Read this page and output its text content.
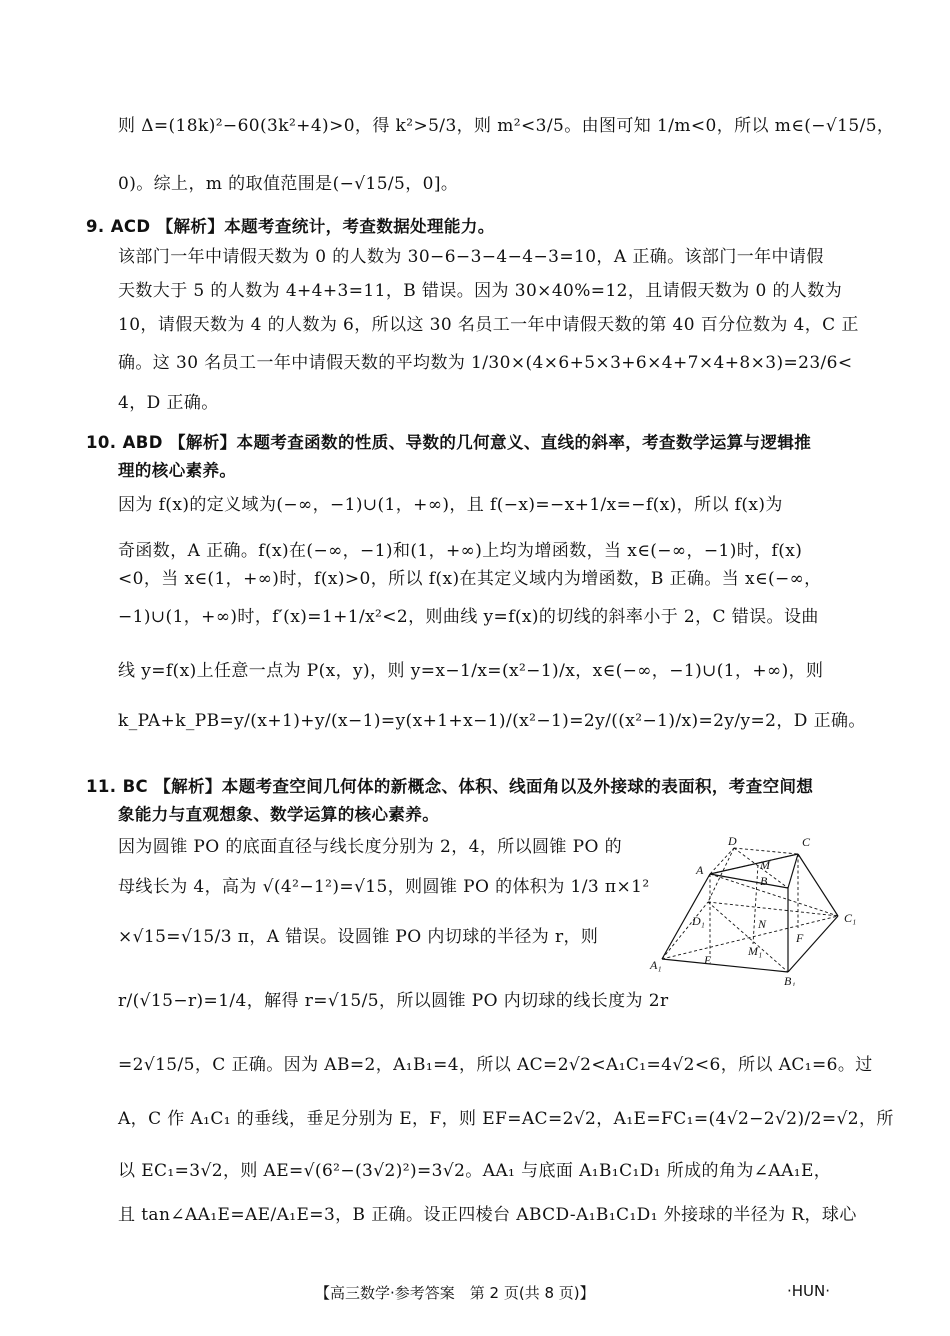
则 Δ=(18k)²−60(3k²+4)>0，得 k²>5/3，则 m²<3/5。由图可知 1/m<0，所以 m∈(−√15/5，
0)。综上，m 的取值范围是(−√15/5，0]。
9. ACD 【解析】本题考查统计，考查数据处理能力。
该部门一年中请假天数为 0 的人数为 30−6−3−4−4−3=10，A 正确。该部门一年中请假
天数大于 5 的人数为 4+4+3=11，B 错误。因为 30×40%=12，且请假天数为 0 的人数为
10，请假天数为 4 的人数为 6，所以这 30 名员工一年中请假天数的第 40 百分位数为 4，C 正
确。这 30 名员工一年中请假天数的平均数为 1/30×(4×6+5×3+6×4+7×4+8×3)=23/6<
4，D 正确。
10. ABD 【解析】本题考查函数的性质、导数的几何意义、直线的斜率，考查数学运算与逻辑推
理的核心素养。
因为 f(x)的定义域为(−∞，−1)∪(1，+∞)，且 f(−x)=−x+1/x=−f(x)，所以 f(x)为
奇函数，A 正确。f(x)在(−∞，−1)和(1，+∞)上均为增函数，当 x∈(−∞，−1)时，f(x)
<0，当 x∈(1，+∞)时，f(x)>0，所以 f(x)在其定义域内为增函数，B 正确。当 x∈(−∞，
−1)∪(1，+∞)时，f′(x)=1+1/x²<2，则曲线 y=f(x)的切线的斜率小于 2，C 错误。设曲
线 y=f(x)上任意一点为 P(x，y)，则 y=x−1/x=(x²−1)/x，x∈(−∞，−1)∪(1，+∞)，则
k_PA+k_PB=y/(x+1)+y/(x−1)=y(x+1+x−1)/(x²−1)=2y/((x²−1)/x)=2y/y=2，D 正确。
11. BC 【解析】本题考查空间几何体的新概念、体积、线面角以及外接球的表面积，考查空间想
象能力与直观想象、数学运算的核心素养。
因为圆锥 PO 的底面直径与线长度分别为 2，4，所以圆锥 PO 的
母线长为 4，高为 √(4²−1²)=√15，则圆锥 PO 的体积为 1/3 π×1²
×√15=√15/3 π，A 错误。设圆锥 PO 内切球的半径为 r，则
r/(√15−r)=1/4，解得 r=√15/5，所以圆锥 PO 内切球的线长度为 2r
=2√15/5，C 正确。因为 AB=2，A₁B₁=4，所以 AC=2√2<A₁C₁=4√2<6，所以 AC₁=6。过
A，C 作 A₁C₁ 的垂线，垂足分别为 E，F，则 EF=AC=2√2，A₁E=FC₁=(4√2−2√2)/2=√2，所
以 EC₁=3√2，则 AE=√(6²−(3√2)²)=3√2。AA₁ 与底面 A₁B₁C₁D₁ 所成的角为∠AA₁E，
且 tan∠AA₁E=AE/A₁E=3，B 正确。设正四棱台 ABCD-A₁B₁C₁D₁ 外接球的半径为 R，球心
D	C
A	M
B
D₁	N	C₁
F
M₁
E
A₁
B₁
【高三数学·参考答案　第 2 页(共 8 页)】	·HUN·
